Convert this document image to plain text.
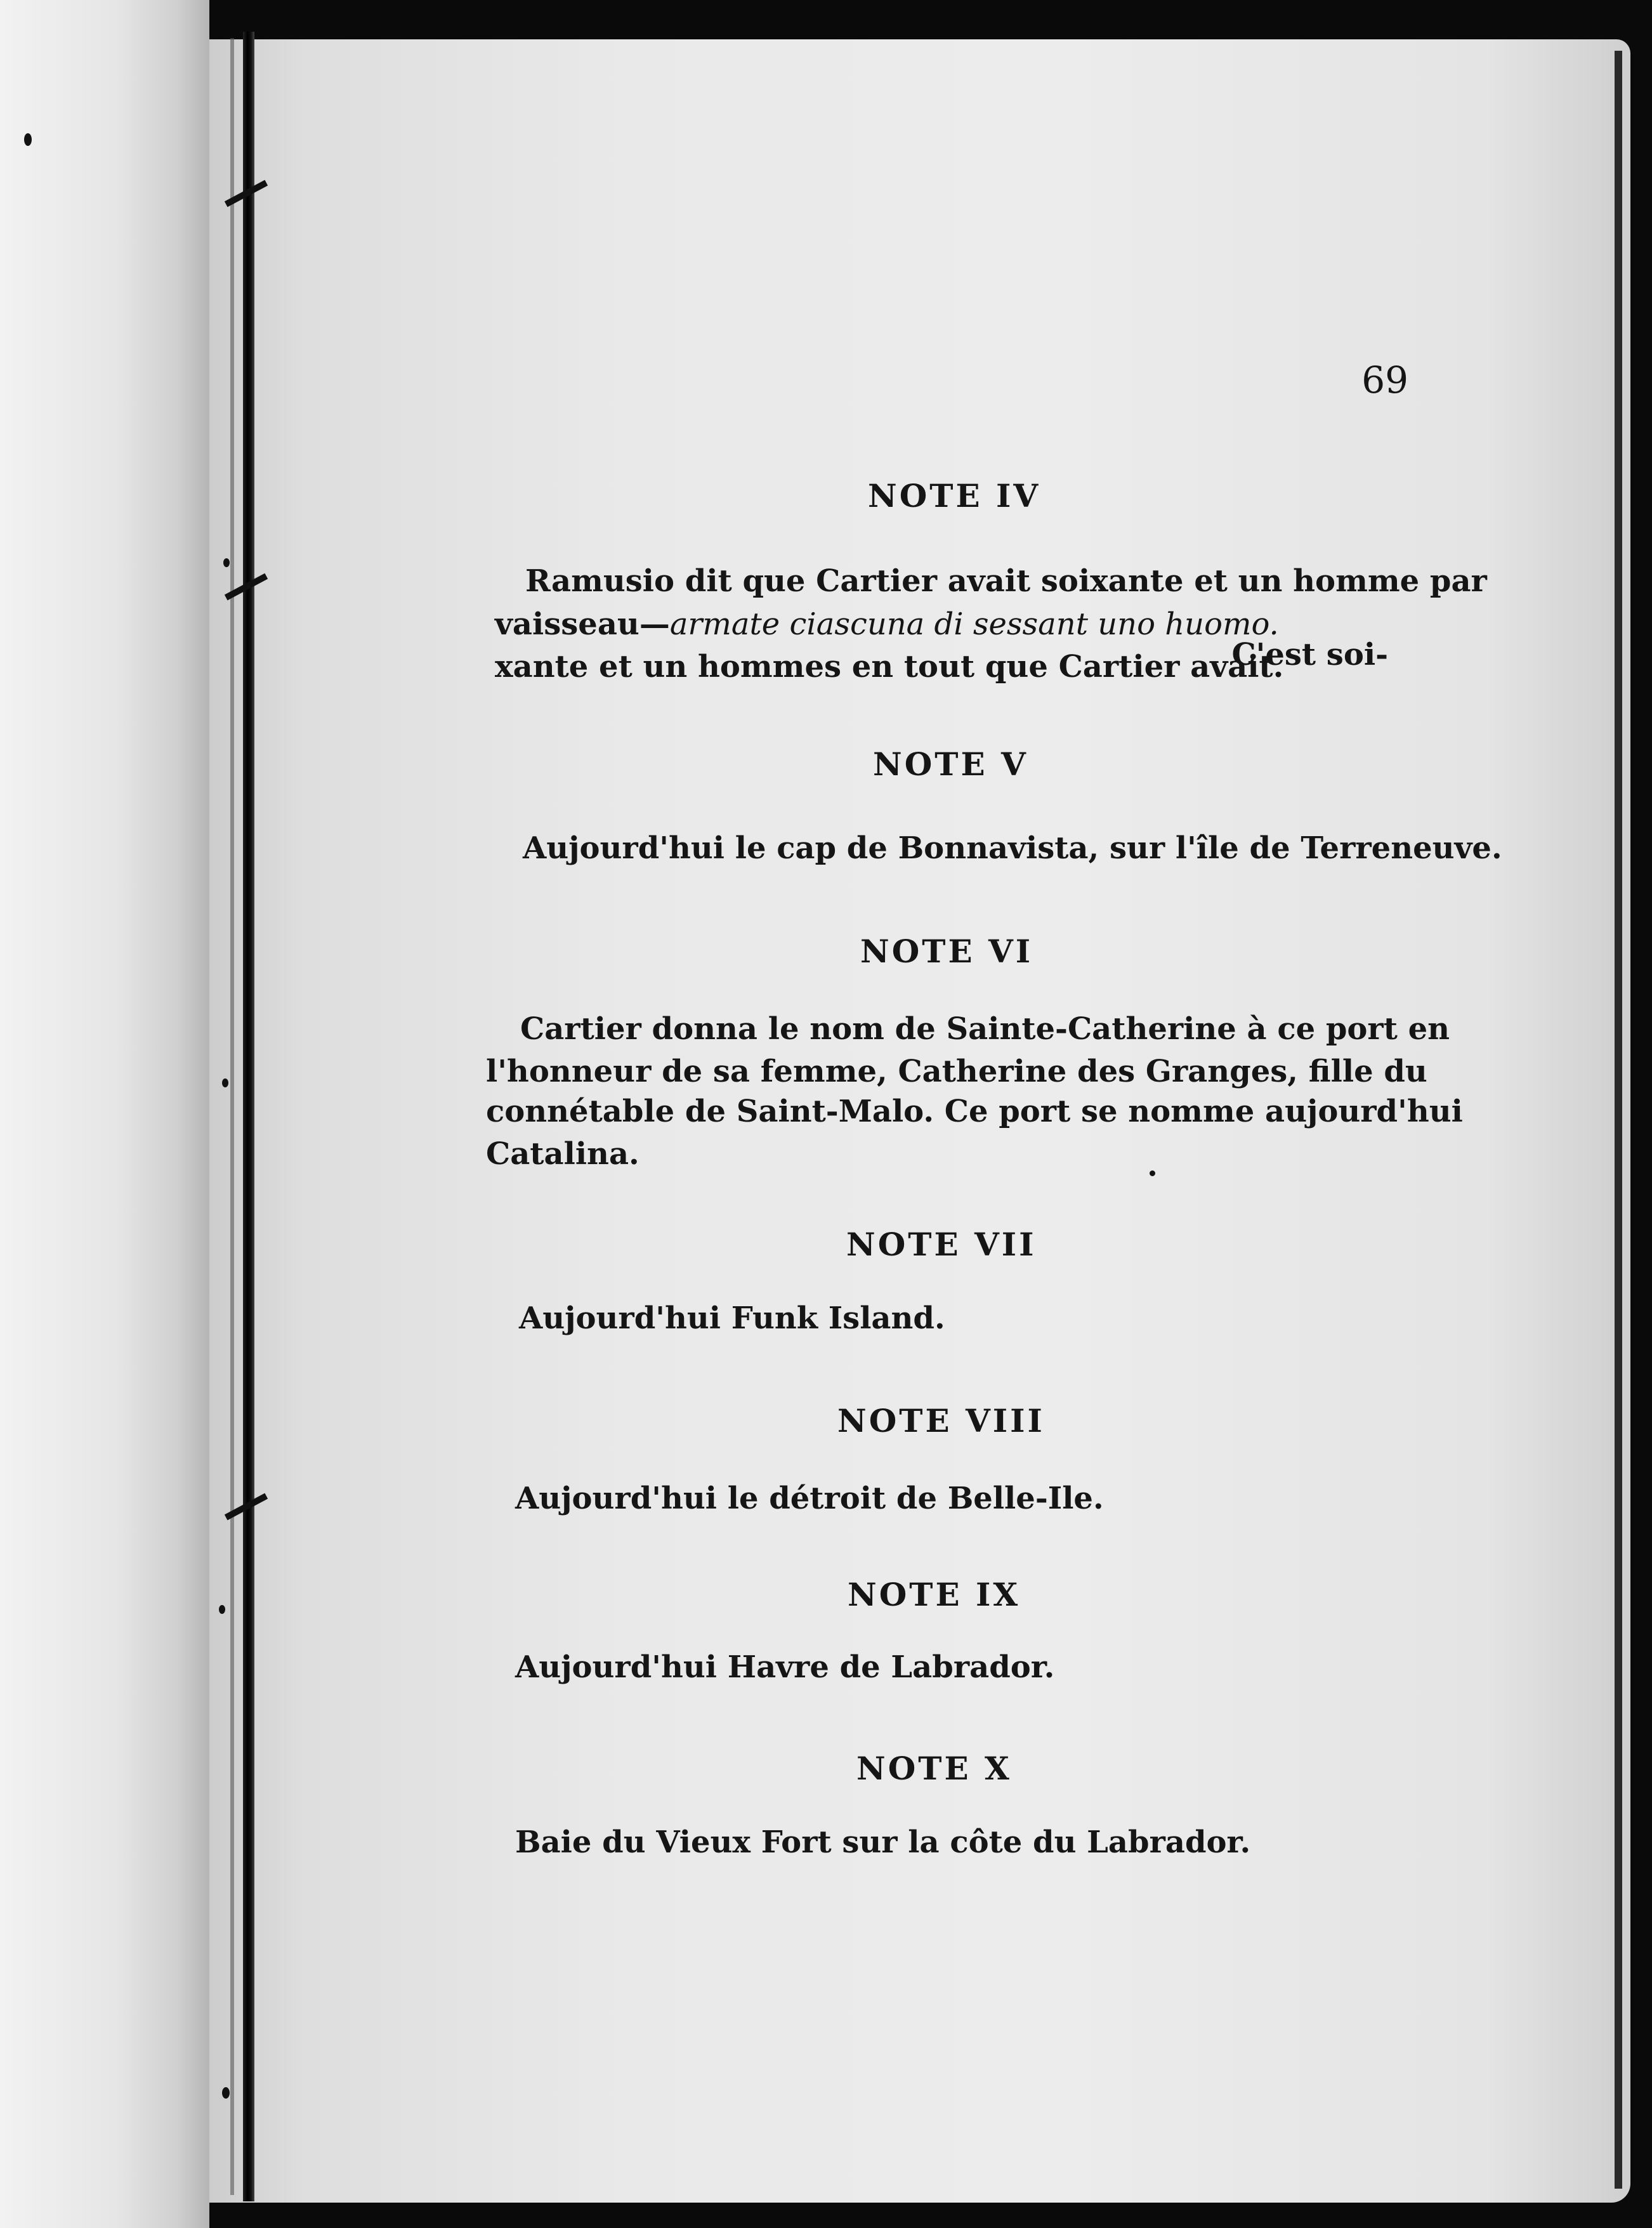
69
NOTE IV
Ramusio dit que Cartier avait soixante et un homme par
vaisseau—armate ciascuna di sessant uno huomo.
C'est soi-
xante et un hommes en tout que Cartier avait.
NOTE V
Aujourd'hui le cap de Bonnavista, sur l'île de Terreneuve.
NOTE VI
Cartier donna le nom de Sainte-Catherine à ce port en
l'honneur de sa femme, Catherine des Granges, fille du
connétable de Saint-Malo. Ce port se nomme aujourd'hui
Catalina.
NOTE VII
Aujourd'hui Funk Island.
NOTE VIII
Aujourd'hui le détroit de Belle-Ile.
NOTE IX
Aujourd'hui Havre de Labrador.
NOTE X
Baie du Vieux Fort sur la côte du Labrador.
